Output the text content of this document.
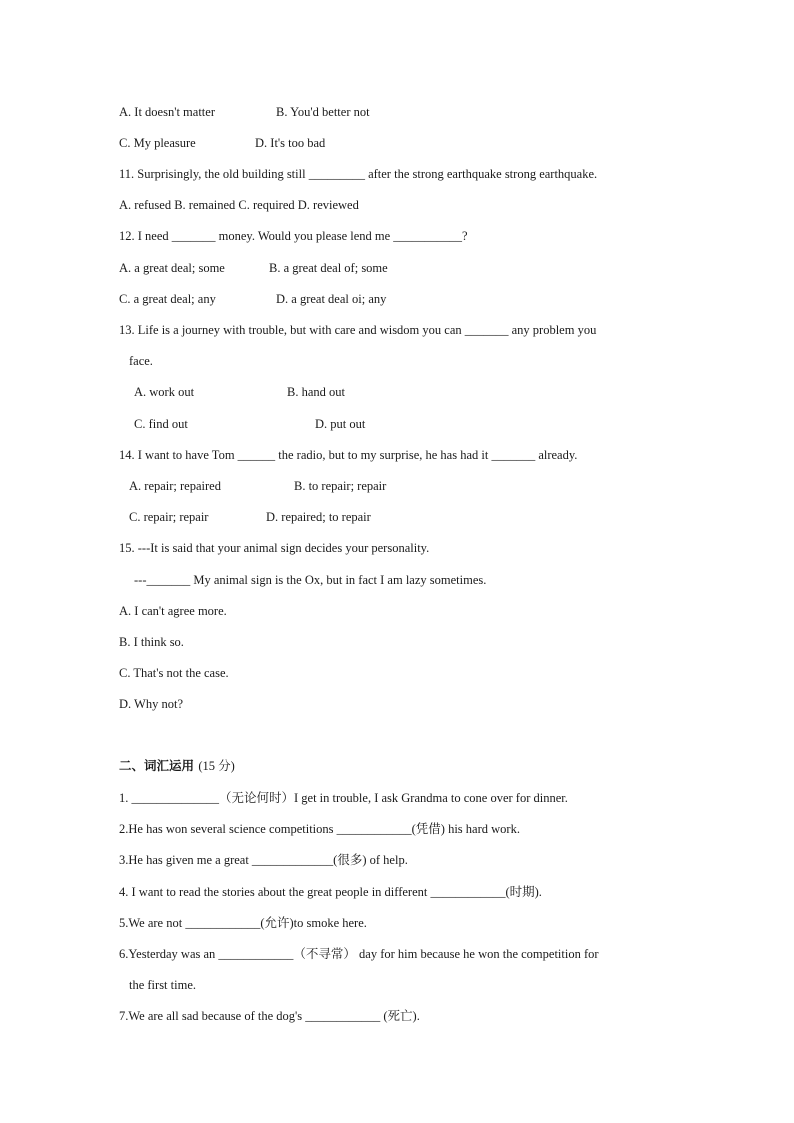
A. It doesn't matter	B. You'd better not
C. My pleasure	D. It's too bad
11. Surprisingly, the old building still _________ after the strong earthquake strong earthquake.
A. refused B. remained C. required D. reviewed
12. I need _______ money. Would you please lend me ___________?
A. a great deal; some	B. a great deal of; some
C. a great deal; any	D. a great deal oi; any
13. Life is a journey with trouble, but with care and wisdom you can _______ any problem you
face.
A. work out	B. hand out
C. find out	D. put out
14. I want to have Tom ______ the radio, but to my surprise, he has had it _______ already.
A. repair; repaired	B. to repair; repair
C. repair; repair	D. repaired; to repair
15. ---It is said that your animal sign decides your personality.
---_______ My animal sign is the Ox, but in fact I am lazy sometimes.
A. I can't agree more.
B. I think so.
C. That's not the case.
D. Why not?
二、词汇运用 (15 分)
1. ______________（无论何时）I get in trouble, I ask Grandma to cone over for dinner.
2.He has won several science competitions ____________(凭借) his hard work.
3.He has given me a great _____________(很多) of help.
4. I want to read the stories about the great people in different ____________(时期).
5.We are not ____________(允许)to smoke here.
6.Yesterday was an ____________（不寻常） day for him because he won the competition for
the first time.
7.We are all sad because of the dog's ____________ (死亡).
